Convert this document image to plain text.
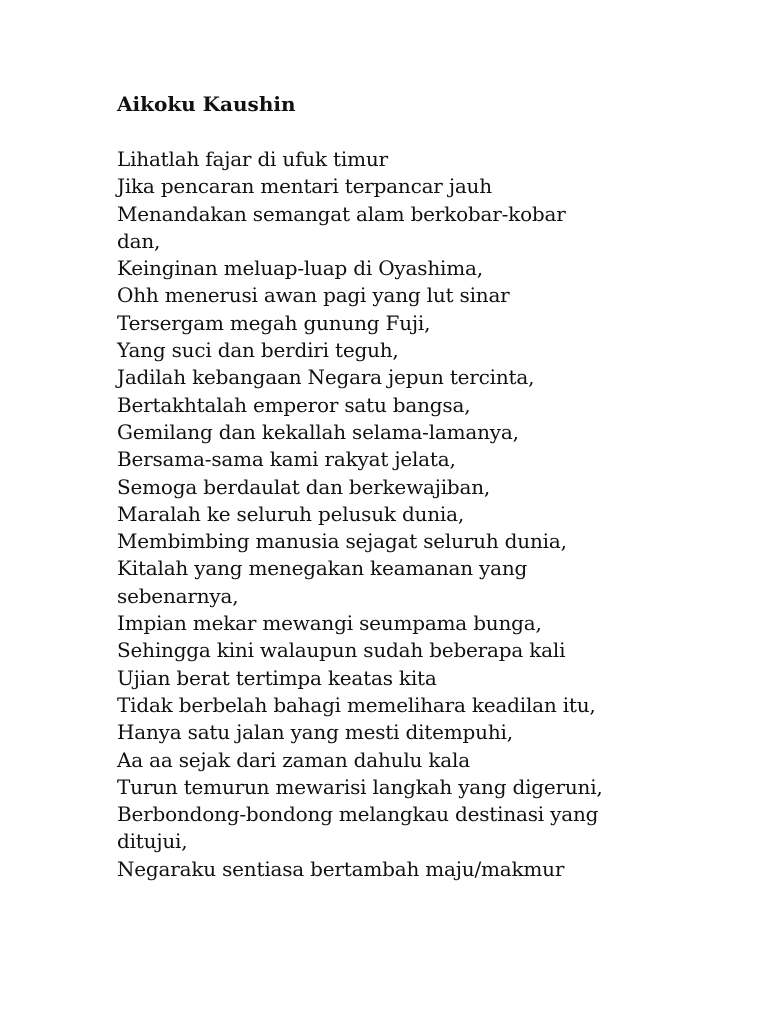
Aikoku Kaushin
Lihatlah fajar di ufuk timur
Jika pencaran mentari terpancar jauh
Menandakan semangat alam berkobar-kobar
dan,
Keinginan meluap-luap di Oyashima,
Ohh menerusi awan pagi yang lut sinar
Tersergam megah gunung Fuji,
Yang suci dan berdiri teguh,
Jadilah kebangaan Negara jepun tercinta,
Bertakhtalah emperor satu bangsa,
Gemilang dan kekallah selama-lamanya,
Bersama-sama kami rakyat jelata,
Semoga berdaulat dan berkewajiban,
Maralah ke seluruh pelusuk dunia,
Membimbing manusia sejagat seluruh dunia,
Kitalah yang menegakan keamanan yang
sebenarnya,
Impian mekar mewangi seumpama bunga,
Sehingga kini walaupun sudah beberapa kali
Ujian berat tertimpa keatas kita
Tidak berbelah bahagi memelihara keadilan itu,
Hanya satu jalan yang mesti ditempuhi,
Aa aa sejak dari zaman dahulu kala
Turun temurun mewarisi langkah yang digeruni,
Berbondong-bondong melangkau destinasi yang
ditujui,
Negaraku sentiasa bertambah maju/makmur
